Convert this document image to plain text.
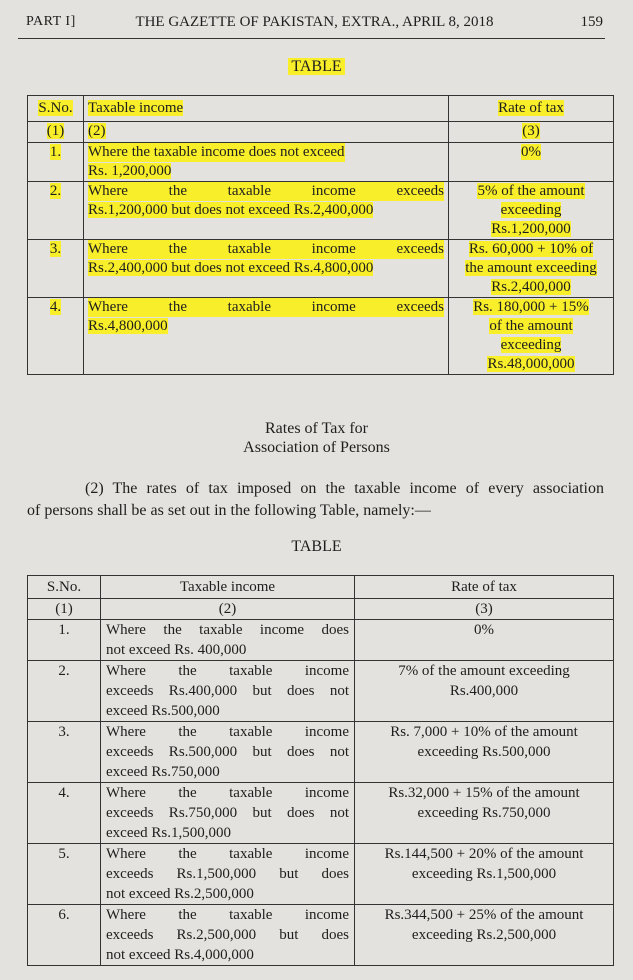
PART I]	THE GAZETTE OF PAKISTAN, EXTRA., APRIL 8, 2018	159
TABLE
S.No.	Taxable income	Rate of tax
(1)	(2)	(3)
1.	Where the taxable income does not exceed
Rs. 1,200,000	0%
2.	Where the taxable income exceeds
Rs.1,200,000 but does not exceed Rs.2,400,000	5% of the amount
exceeding
Rs.1,200,000
3.	Where the taxable income exceeds
Rs.2,400,000 but does not exceed Rs.4,800,000	Rs. 60,000 + 10% of
the amount exceeding
Rs.2,400,000
4.	Where the taxable income exceeds
Rs.4,800,000	Rs. 180,000 + 15%
of the amount
exceeding
Rs.48,000,000
Rates of Tax for
Association of Persons
(2) The rates of tax imposed on the taxable income of every association
of persons shall be as set out in the following Table, namely:—
TABLE
S.No.	Taxable income	Rate of tax
(1)	(2)	(3)
1.	Where the taxable income does
not exceed Rs. 400,000	0%
2.	Where the taxable income
exceeds Rs.400,000 but does not
exceed Rs.500,000	7% of the amount exceeding
Rs.400,000
3.	Where the taxable income
exceeds Rs.500,000 but does not
exceed Rs.750,000	Rs. 7,000 + 10% of the amount
exceeding Rs.500,000
4.	Where the taxable income
exceeds Rs.750,000 but does not
exceed Rs.1,500,000	Rs.32,000 + 15% of the amount
exceeding Rs.750,000
5.	Where the taxable income
exceeds Rs.1,500,000 but does
not exceed Rs.2,500,000	Rs.144,500 + 20% of the amount
exceeding Rs.1,500,000
6.	Where the taxable income
exceeds Rs.2,500,000 but does
not exceed Rs.4,000,000	Rs.344,500 + 25% of the amount
exceeding Rs.2,500,000
